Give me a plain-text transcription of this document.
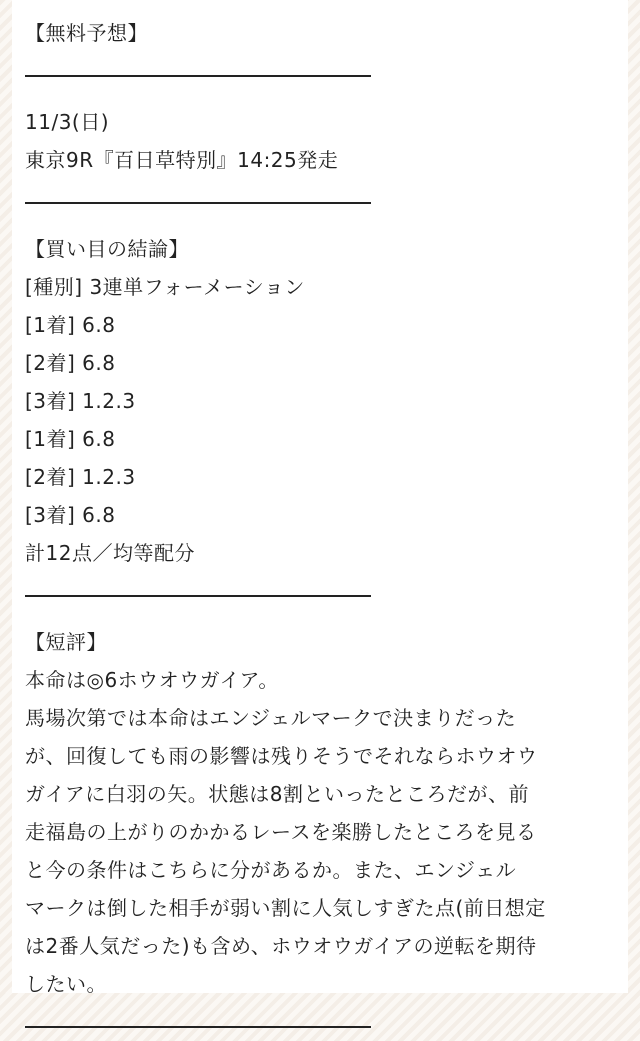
【無料予想】
11/3(日)
東京9R『百日草特別』14:25発走
【買い目の結論】
[種別] 3連単フォーメーション
[1着] 6.8
[2着] 6.8
[3着] 1.2.3
[1着] 6.8
[2着] 1.2.3
[3着] 6.8
計12点／均等配分
【短評】
本命は◎6ホウオウガイア。
馬場次第では本命はエンジェルマークで決まりだった
が、回復しても雨の影響は残りそうでそれならホウオウ
ガイアに白羽の矢。状態は8割といったところだが、前
走福島の上がりのかかるレースを楽勝したところを見る
と今の条件はこちらに分があるか。また、エンジェル
マークは倒した相手が弱い割に人気しすぎた点(前日想定
は2番人気だった)も含め、ホウオウガイアの逆転を期待
したい。
